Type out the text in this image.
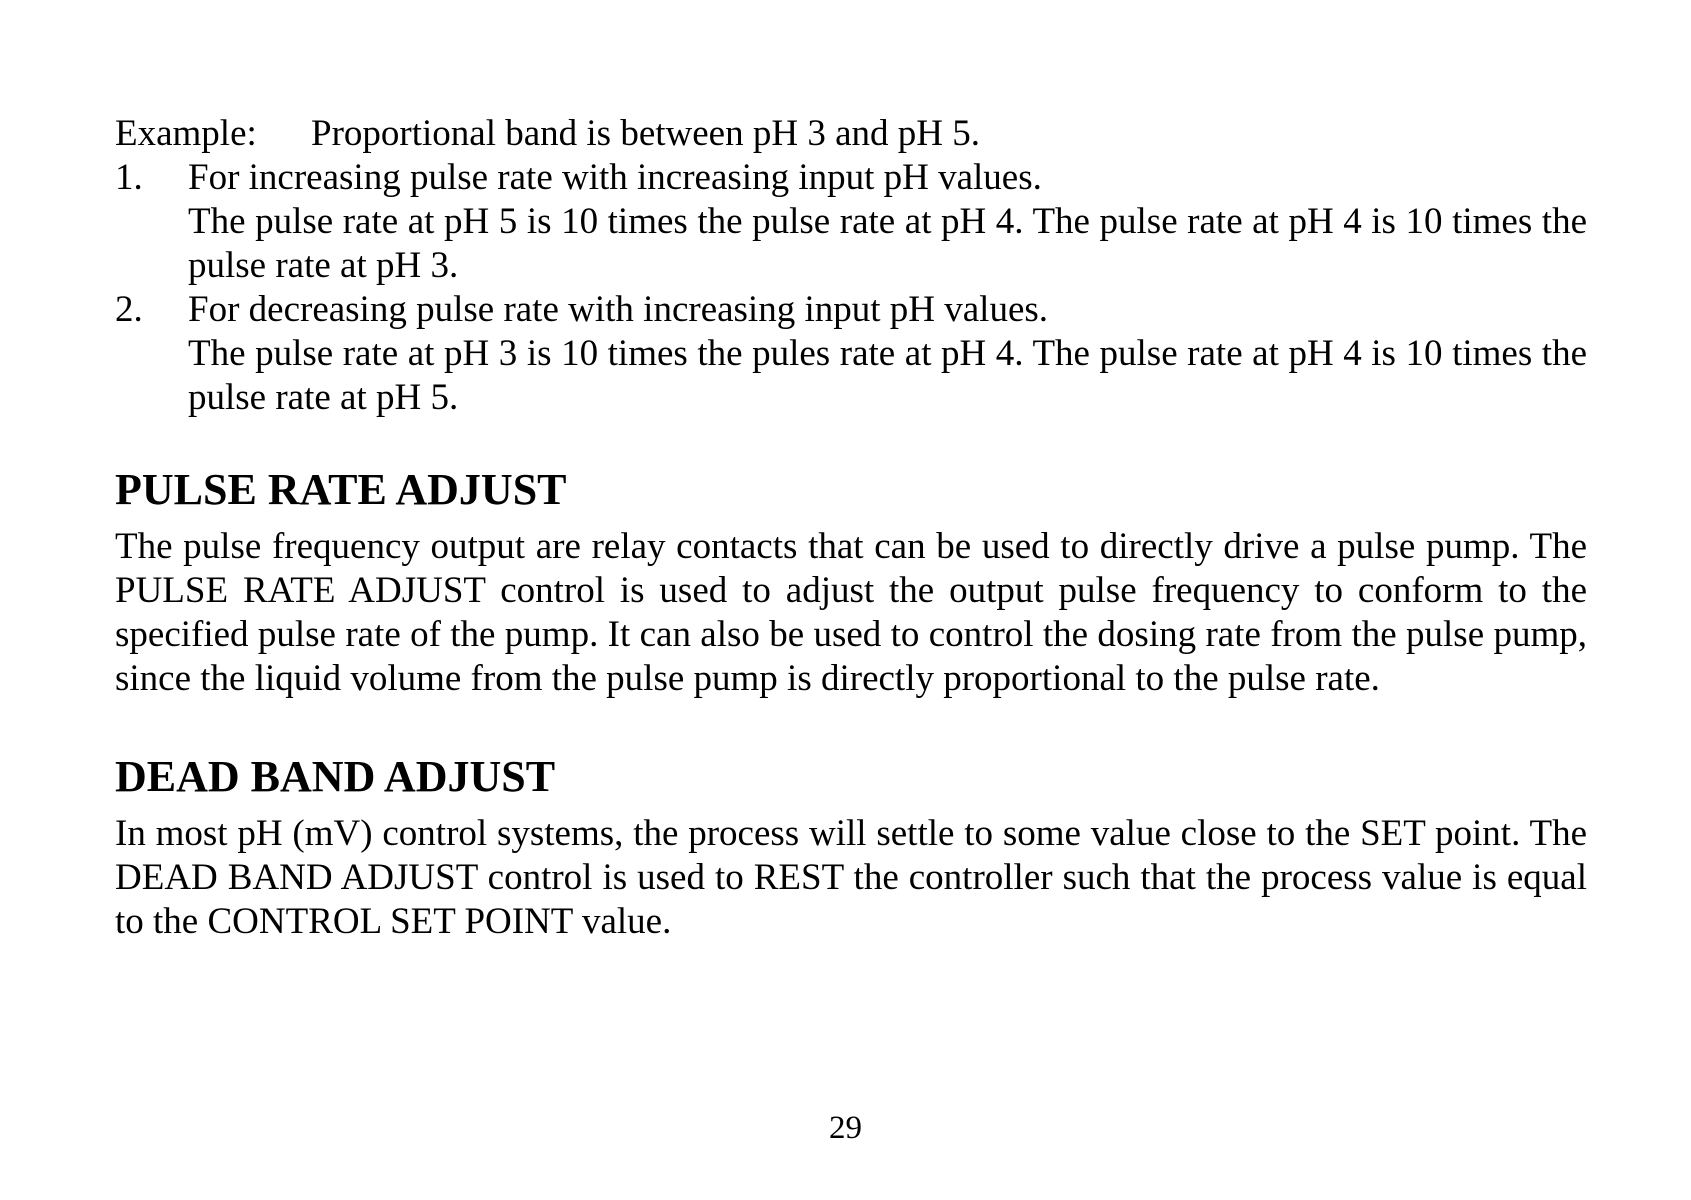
Example: Proportional band is between pH 3 and pH 5.
1.	For increasing pulse rate with increasing input pH values.

The pulse rate at pH 5 is 10 times the pulse rate at pH 4. The pulse rate at pH 4 is 10 times the pulse rate at pH 3.

2.	For decreasing pulse rate with increasing input pH values.

The pulse rate at pH 3 is 10 times the pules rate at pH 4. The pulse rate at pH 4 is 10 times the pulse rate at pH 5.

PULSE RATE ADJUST

The pulse frequency output are relay contacts that can be used to directly drive a pulse pump. The PULSE RATE ADJUST control is used to adjust the output pulse frequency to conform to the specified pulse rate of the pump. It can also be used to control the dosing rate from the pulse pump, since the liquid volume from the pulse pump is directly proportional to the pulse rate.

DEAD BAND ADJUST

In most pH (mV) control systems, the process will settle to some value close to the SET point. The DEAD BAND ADJUST control is used to REST the controller such that the process value is equal to the CONTROL SET POINT value.

29
